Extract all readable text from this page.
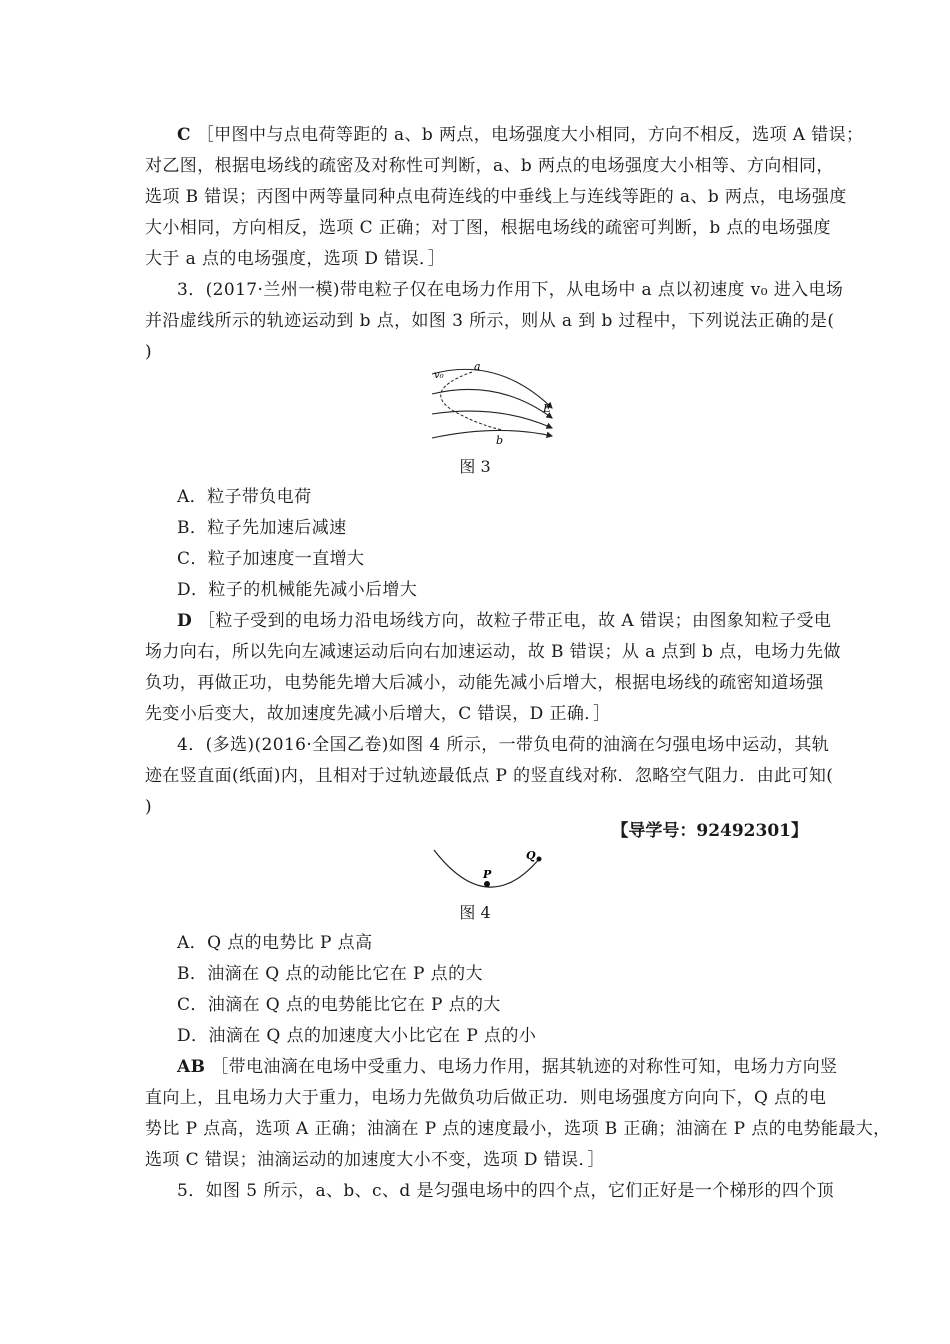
C ［甲图中与点电荷等距的 a、b 两点，电场强度大小相同，方向不相反，选项 A 错误；
对乙图，根据电场线的疏密及对称性可判断，a、b 两点的电场强度大小相等、方向相同，
选项 B 错误；丙图中两等量同种点电荷连线的中垂线上与连线等距的 a、b 两点，电场强度
大小相同，方向相反，选项 C 正确；对丁图，根据电场线的疏密可判断，b 点的电场强度
大于 a 点的电场强度，选项 D 错误．］
3．(2017·兰州一模)带电粒子仅在电场力作用下，从电场中 a 点以初速度 v₀ 进入电场
并沿虚线所示的轨迹运动到 b 点，如图 3 所示，则从 a 到 b 过程中，下列说法正确的是(
)
v₀
a
E
b
图 3
A．粒子带负电荷
B．粒子先加速后减速
C．粒子加速度一直增大
D．粒子的机械能先减小后增大
D ［粒子受到的电场力沿电场线方向，故粒子带正电，故 A 错误；由图象知粒子受电
场力向右，所以先向左减速运动后向右加速运动，故 B 错误；从 a 点到 b 点，电场力先做
负功，再做正功，电势能先增大后减小，动能先减小后增大，根据电场线的疏密知道场强
先变小后变大，故加速度先减小后增大，C 错误，D 正确．］
4．(多选)(2016·全国乙卷)如图 4 所示，一带负电荷的油滴在匀强电场中运动，其轨
迹在竖直面(纸面)内，且相对于过轨迹最低点 P 的竖直线对称．忽略空气阻力．由此可知(
)
【导学号：92492301】
P
Q
图 4
A．Q 点的电势比 P 点高
B．油滴在 Q 点的动能比它在 P 点的大
C．油滴在 Q 点的电势能比它在 P 点的大
D．油滴在 Q 点的加速度大小比它在 P 点的小
AB ［带电油滴在电场中受重力、电场力作用，据其轨迹的对称性可知，电场力方向竖
直向上，且电场力大于重力，电场力先做负功后做正功．则电场强度方向向下，Q 点的电
势比 P 点高，选项 A 正确；油滴在 P 点的速度最小，选项 B 正确；油滴在 P 点的电势能最大，
选项 C 错误；油滴运动的加速度大小不变，选项 D 错误．］
5．如图 5 所示，a、b、c、d 是匀强电场中的四个点，它们正好是一个梯形的四个顶
